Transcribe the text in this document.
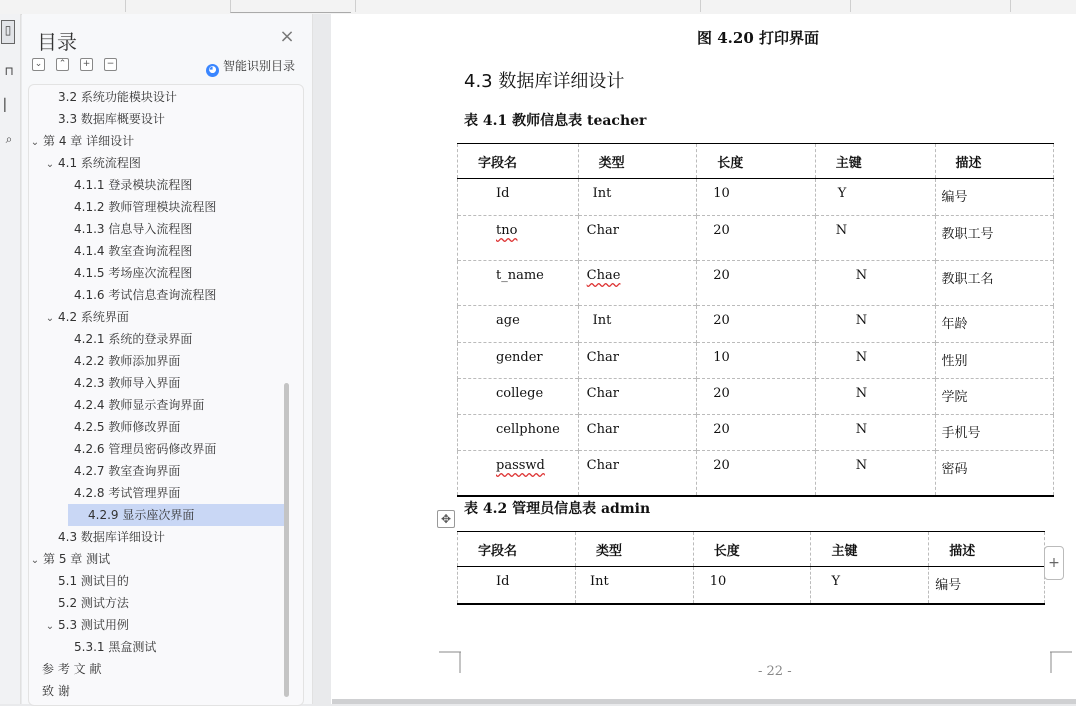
▯
⊓
▏
⌕
目录	×
⌄	⌃	+	−
◕ 智能识别目录
3.2 系统功能模块设计
3.3 数据库概要设计
⌄ 第 4 章 详细设计
⌄ 4.1 系统流程图
4.1.1 登录模块流程图
4.1.2 教师管理模块流程图
4.1.3 信息导入流程图
4.1.4 教室查询流程图
4.1.5 考场座次流程图
4.1.6 考试信息查询流程图
⌄ 4.2 系统界面
4.2.1 系统的登录界面
4.2.2 教师添加界面
4.2.3 教师导入界面
4.2.4 教师显示查询界面
4.2.5 教师修改界面
4.2.6 管理员密码修改界面
4.2.7 教室查询界面
4.2.8 考试管理界面
4.2.9 显示座次界面
4.3 数据库详细设计
⌄ 第 5 章 测试
5.1 测试目的
5.2 测试方法
⌄ 5.3 测试用例
5.3.1 黑盒测试
参 考 文 献
致 谢
图 4.20 打印界面
4.3 数据库详细设计
表 4.1 教师信息表 teacher
字段名	类型	长度	主键	描述

Id	Int	10	Y	编号

tno	Char	20	N	教职工号

t_name	Chae	20	N	教职工名

age	Int	20	N	年龄

gender	Char	10	N	性别

college	Char	20	N	学院

cellphone	Char	20	N	手机号

passwd	Char	20	N	密码
表 4.2 管理员信息表 admin
✥
字段名	类型	长度	主键	描述

Id	Int	10	Y	编号
+
- 22 -
